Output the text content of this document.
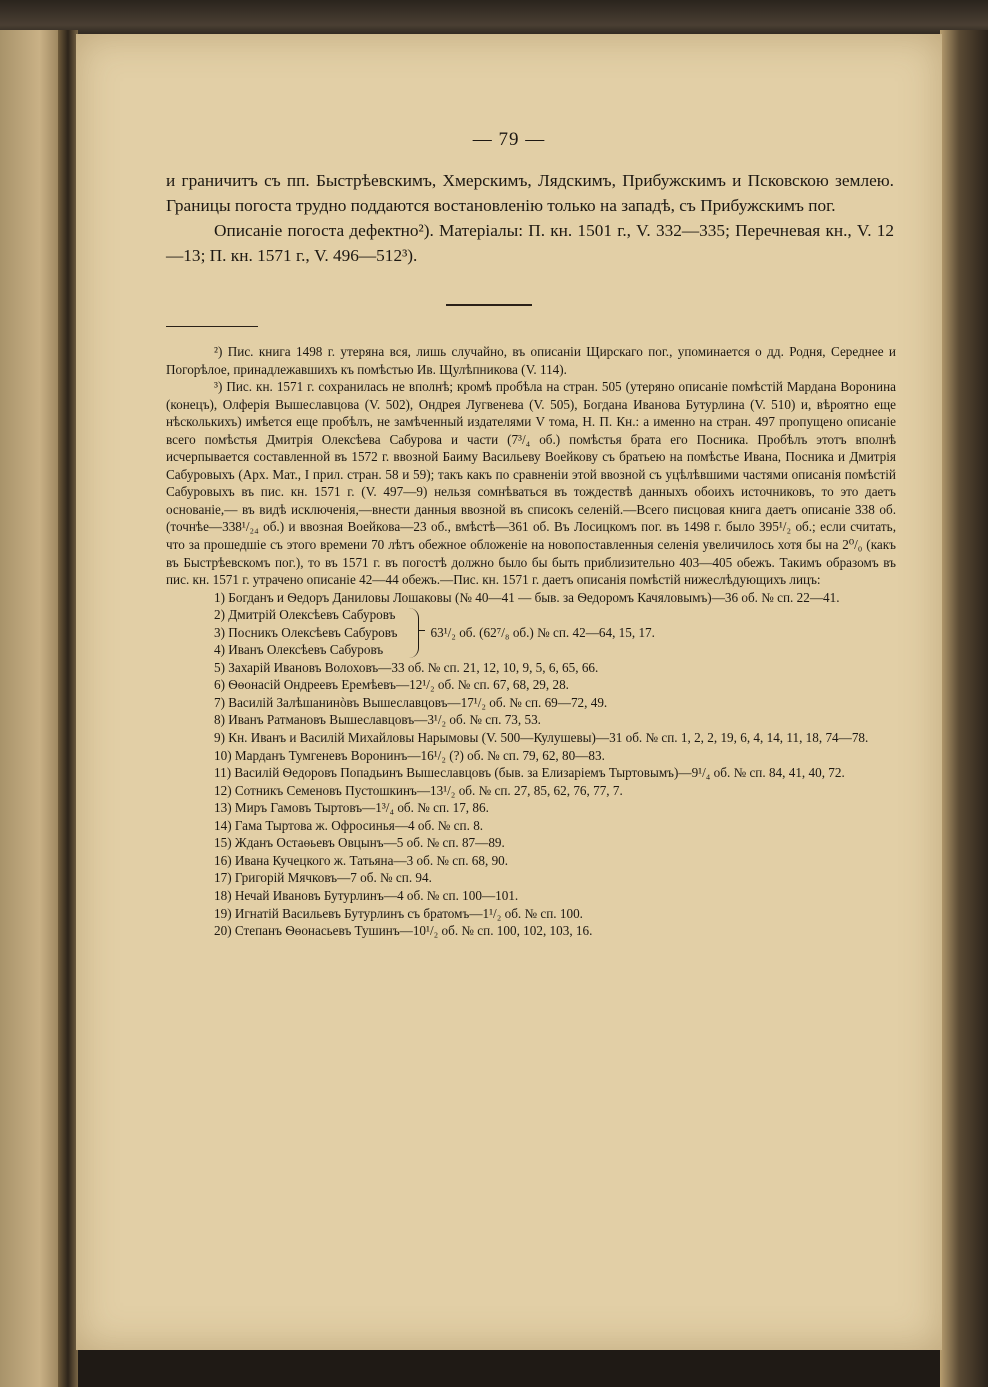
— 79 —

и граничитъ съ пп. Быстрѣевскимъ, Хмерскимъ, Лядскимъ, Прибужскимъ и Псковскою землею. Границы погоста трудно поддаются востановленію только на западѣ, съ Прибужскимъ пог.

Описаніе погоста дефектно²). Матеріалы: П. кн. 1501 г., V. 332—335; Перечневая кн., V. 12—13; П. кн. 1571 г., V. 496—512³).

²) Пис. книга 1498 г. утеряна вся, лишь случайно, въ описаніи Щирскаго пог., упоминается о дд. Родня, Середнее и Погорѣлое, принадлежавшихъ къ помѣстью Ив. Щулѣпникова (V. 114).

³) Пис. кн. 1571 г. сохранилась не вполнѣ; кромѣ пробѣла на стран. 505 (утеряно описаніе помѣстій Мардана Воронина (конецъ), Олферія Вышеславцова (V. 502), Ондрея Лугвенева (V. 505), Богдана Иванова Бутурлина (V. 510) и, вѣроятно еще нѣсколькихъ) имѣется еще пробѣлъ, не замѣченный издателями V тома, Н. П. Кн.: а именно на стран. 497 пропущено описаніе всего помѣстья Дмитрія Олексѣева Сабурова и части (7³/₄ об.) помѣстья брата его Посника. Пробѣлъ этотъ вполнѣ исчерпывается составленной въ 1572 г. ввозной Баиму Васильеву Воейкову съ братьею на помѣстье Ивана, Посника и Дмитрія Сабуровыхъ (Арх. Мат., I прил. стран. 58 и 59); такъ какъ по сравненіи этой ввозной съ уцѣлѣвшими частями описанія помѣстій Сабуровыхъ въ пис. кн. 1571 г. (V. 497—9) нельзя сомнѣваться въ тождествѣ данныхъ обоихъ источниковъ, то это даетъ основаніе,— въ видѣ исключенія,—внести данныя ввозной въ списокъ селеній.—Всего писцовая книга даетъ описаніе 338 об. (точнѣе—338¹/₂₄ об.) и ввозная Воейкова—23 об., вмѣстѣ—361 об. Въ Лосицкомъ пог. въ 1498 г. было 395¹/₂ об.; если считать, что за прошедшіе съ этого времени 70 лѣтъ обежное обложеніе на новопоставленныя селенія увеличилось хотя бы на 2⁰/₀ (какъ въ Быстрѣевскомъ пог.), то въ 1571 г. въ погостѣ должно было бы быть приблизительно 403—405 обежъ. Такимъ образомъ въ пис. кн. 1571 г. утрачено описаніе 42—44 обежъ.—Пис. кн. 1571 г. даетъ описанія помѣстій нижеслѣдующихъ лицъ:

1) Богданъ и Ѳедоръ Даниловы Лошаковы (№ 40—41 — быв. за Ѳедоромъ Качяловымъ)—36 об. № сп. 22—41.

2) Дмитрій Олексѣевъ Сабуровъ
3) Посникъ Олексѣевъ Сабуровъ
4) Иванъ Олексѣевъ Сабуровъ
63¹/₂ об. (62⁷/₈ об.) № сп. 42—64, 15, 17.

5) Захарій Ивановъ Волоховъ—33 об. № сп. 21, 12, 10, 9, 5, 6, 65, 66.

6) Ѳѳонасій Ондреевъ Еремѣевъ—12¹/₂ об. № сп. 67, 68, 29, 28.

7) Василій Залѣшанинòвъ Вышеславцовъ—17¹/₂ об. № сп. 69—72, 49.

8) Иванъ Ратмановъ Вышеславцовъ—3¹/₂ об. № сп. 73, 53.

9) Кн. Иванъ и Василій Михайловы Нарымовы (V. 500—Кулушевы)—31 об. № сп. 1, 2, 2, 19, 6, 4, 14, 11, 18, 74—78.

10) Марданъ Тумгеневъ Воронинъ—16¹/₂ (?) об. № сп. 79, 62, 80—83.

11) Василій Ѳедоровъ Попадьинъ Вышеславцовъ (быв. за Елизаріемъ Тыртовымъ)—9¹/₄ об. № сп. 84, 41, 40, 72.

12) Сотникъ Семеновъ Пустошкинъ—13¹/₂ об. № сп. 27, 85, 62, 76, 77, 7.

13) Миръ Гамовъ Тыртовъ—1³/₄ об. № сп. 17, 86.

14) Гама Тыртова ж. Офросинья—4 об. № сп. 8.

15) Жданъ Остаѳьевъ Овцынъ—5 об. № сп. 87—89.

16) Ивана Кучецкого ж. Татьяна—3 об. № сп. 68, 90.

17) Григорій Мячковъ—7 об. № сп. 94.

18) Нечай Ивановъ Бутурлинъ—4 об. № сп. 100—101.

19) Игнатій Васильевъ Бутурлинъ съ братомъ—1¹/₂ об. № сп. 100.

20) Степанъ Ѳѳонасьевъ Тушинъ—10¹/₂ об. № сп. 100, 102, 103, 16.
